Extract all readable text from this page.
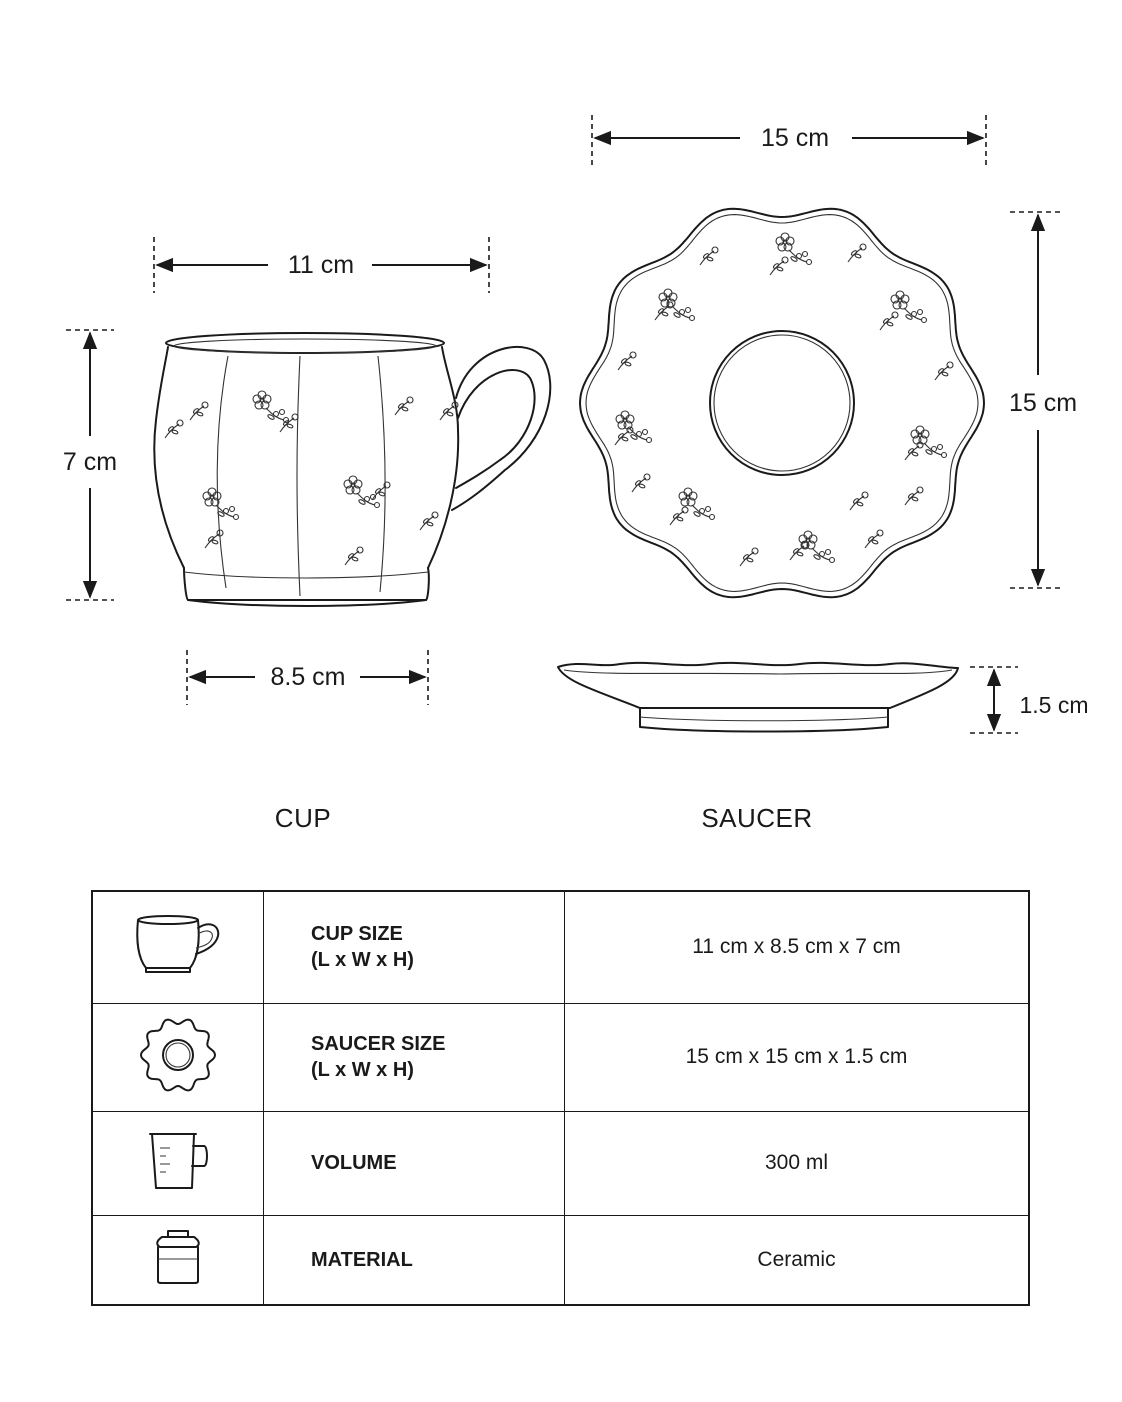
11 cm
7 cm
8.5 cm
15 cm
15 cm
1.5 cm
CUP	SAUCER

CUP SIZE
(L x W x H)	11 cm x 8.5 cm x 7 cm

SAUCER SIZE
(L x W x H)	15 cm x 15 cm x 1.5 cm

VOLUME	300 ml

MATERIAL	Ceramic
